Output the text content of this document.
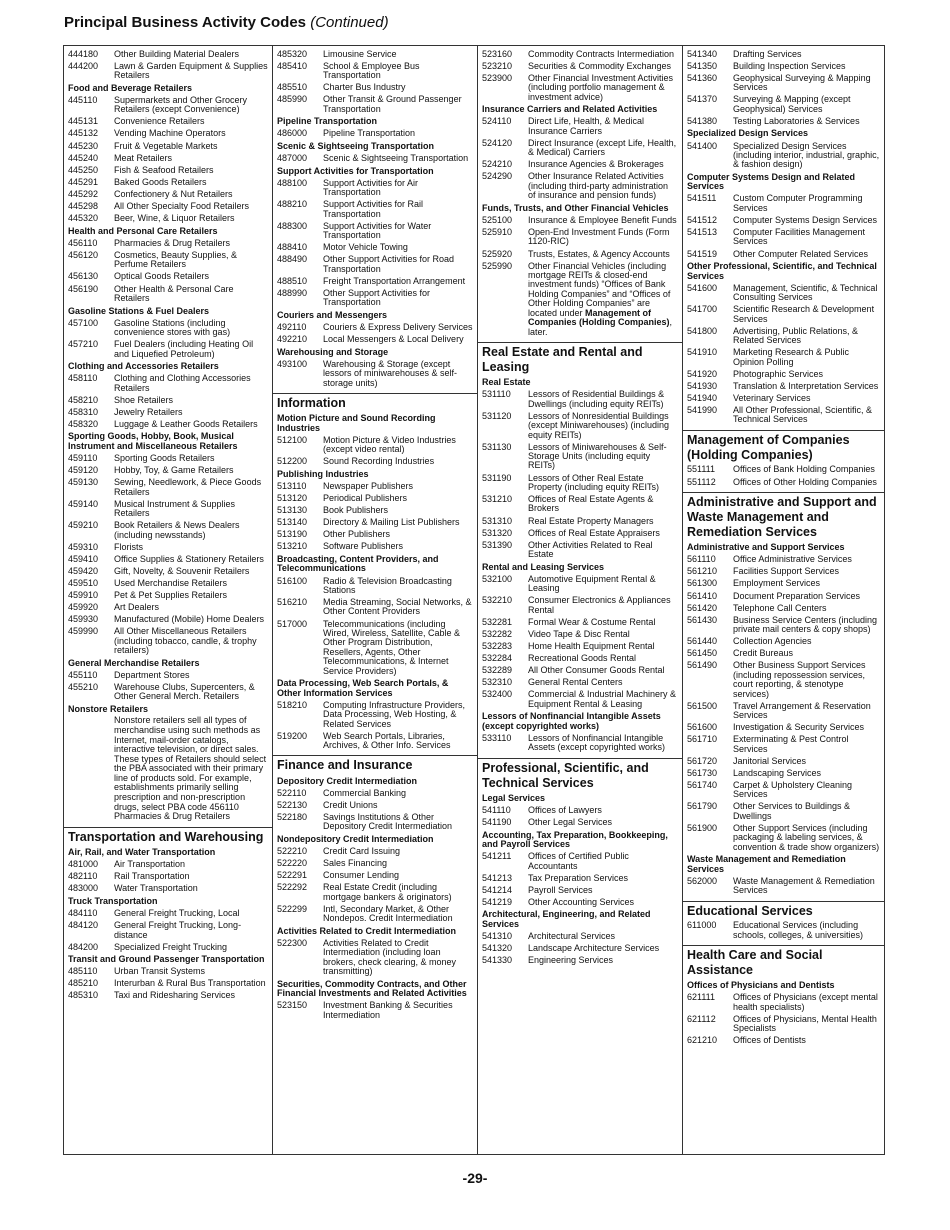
Principal Business Activity Codes (Continued)
444180	Other Building Material Dealers
444200	Lawn & Garden Equipment & Supplies Retailers
Food and Beverage Retailers
445110	Supermarkets and Other Grocery Retailers (except Convenience)
445131	Convenience Retailers
445132	Vending Machine Operators
445230	Fruit & Vegetable Markets
445240	Meat Retailers
445250	Fish & Seafood Retailers
445291	Baked Goods Retailers
445292	Confectionery & Nut Retailers
445298	All Other Specialty Food Retailers
445320	Beer, Wine, & Liquor Retailers
Health and Personal Care Retailers
456110	Pharmacies & Drug Retailers
456120	Cosmetics, Beauty Supplies, & Perfume Retailers
456130	Optical Goods Retailers
456190	Other Health & Personal Care Retailers
Gasoline Stations & Fuel Dealers
457100	Gasoline Stations (including convenience stores with gas)
457210	Fuel Dealers (including Heating Oil and Liquefied Petroleum)
Clothing and Accessories Retailers
458110	Clothing and Clothing Accessories Retailers
458210	Shoe Retailers
458310	Jewelry Retailers
458320	Luggage & Leather Goods Retailers
Sporting Goods, Hobby, Book, Musical Instrument and Miscellaneous Retailers
459110	Sporting Goods Retailers
459120	Hobby, Toy, & Game Retailers
459130	Sewing, Needlework, & Piece Goods Retailers
459140	Musical Instrument & Supplies Retailers
459210	Book Retailers & News Dealers (including newsstands)
459310	Florists
459410	Office Supplies & Stationery Retailers
459420	Gift, Novelty, & Souvenir Retailers
459510	Used Merchandise Retailers
459910	Pet & Pet Supplies Retailers
459920	Art Dealers
459930	Manufactured (Mobile) Home Dealers
459990	All Other Miscellaneous Retailers (including tobacco, candle, & trophy retailers)
General Merchandise Retailers
455110	Department Stores
455210	Warehouse Clubs, Supercenters, & Other General Merch. Retailers
Nonstore Retailers
Nonstore retailers sell all types of merchandise using such methods as Internet, mail-order catalogs, interactive television, or direct sales. These types of Retailers should select the PBA associated with their primary line of products sold. For example, establishments primarily selling prescription and non-prescription drugs, select PBA code 456110 Pharmacies & Drug Retailers
Transportation and Warehousing
Air, Rail, and Water Transportation
481000	Air Transportation
482110	Rail Transportation
483000	Water Transportation
Truck Transportation
484110	General Freight Trucking, Local
484120	General Freight Trucking, Long-distance
484200	Specialized Freight Trucking
Transit and Ground Passenger Transportation
485110	Urban Transit Systems
485210	Interurban & Rural Bus Transportation
485310	Taxi and Ridesharing Services
485320	Limousine Service
485410	School & Employee Bus Transportation
485510	Charter Bus Industry
485990	Other Transit & Ground Passenger Transportation
Pipeline Transportation
486000	Pipeline Transportation
Scenic & Sightseeing Transportation
487000	Scenic & Sightseeing Transportation
Support Activities for Transportation
488100	Support Activities for Air Transportation
488210	Support Activities for Rail Transportation
488300	Support Activities for Water Transportation
488410	Motor Vehicle Towing
488490	Other Support Activities for Road Transportation
488510	Freight Transportation Arrangement
488990	Other Support Activities for Transportation
Couriers and Messengers
492110	Couriers & Express Delivery Services
492210	Local Messengers & Local Delivery
Warehousing and Storage
493100	Warehousing & Storage (except lessors of miniwarehouses & self-storage units)
Information
Motion Picture and Sound Recording Industries
512100	Motion Picture & Video Industries (except video rental)
512200	Sound Recording Industries
Publishing Industries
513110	Newspaper Publishers
513120	Periodical Publishers
513130	Book Publishers
513140	Directory & Mailing List Publishers
513190	Other Publishers
513210	Software Publishers
Broadcasting, Content Providers, and Telecommunications
516100	Radio & Television Broadcasting Stations
516210	Media Streaming, Social Networks, & Other Content Providers
517000	Telecommunications (including Wired, Wireless, Satellite, Cable & Other Program Distribution, Resellers, Agents, Other Telecommunications, & Internet Service Providers)
Data Processing, Web Search Portals, & Other Information Services
518210	Computing Infrastructure Providers, Data Processing, Web Hosting, & Related Services
519200	Web Search Portals, Libraries, Archives, & Other Info. Services
Finance and Insurance
Depository Credit Intermediation
522110	Commercial Banking
522130	Credit Unions
522180	Savings Institutions & Other Depository Credit Intermediation
Nondepository Credit Intermediation
522210	Credit Card Issuing
522220	Sales Financing
522291	Consumer Lending
522292	Real Estate Credit (including mortgage bankers & originators)
522299	Intl, Secondary Market, & Other Nondepos. Credit Intermediation
Activities Related to Credit Intermediation
522300	Activities Related to Credit Intermediation (including loan brokers, check clearing, & money transmitting)
Securities, Commodity Contracts, and Other Financial Investments and Related Activities
523150	Investment Banking & Securities Intermediation
523160	Commodity Contracts Intermediation
523210	Securities & Commodity Exchanges
523900	Other Financial Investment Activities (including portfolio management & investment advice)
Insurance Carriers and Related Activities
524110	Direct Life, Health, & Medical Insurance Carriers
524120	Direct Insurance (except Life, Health, & Medical) Carriers
524210	Insurance Agencies & Brokerages
524290	Other Insurance Related Activities (including third-party administration of insurance and pension funds)
Funds, Trusts, and Other Financial Vehicles
525100	Insurance & Employee Benefit Funds
525910	Open-End Investment Funds (Form 1120-RIC)
525920	Trusts, Estates, & Agency Accounts
525990	Other Financial Vehicles (including mortgage REITs & closed-end investment funds) “Offices of Bank Holding Companies” and “Offices of Other Holding Companies” are located under Management of Companies (Holding Companies), later.
Real Estate and Rental and Leasing
Real Estate
531110	Lessors of Residential Buildings & Dwellings (including equity REITs)
531120	Lessors of Nonresidential Buildings (except Miniwarehouses) (including equity REITs)
531130	Lessors of Miniwarehouses & Self-Storage Units (including equity REITs)
531190	Lessors of Other Real Estate Property (including equity REITs)
531210	Offices of Real Estate Agents & Brokers
531310	Real Estate Property Managers
531320	Offices of Real Estate Appraisers
531390	Other Activities Related to Real Estate
Rental and Leasing Services
532100	Automotive Equipment Rental & Leasing
532210	Consumer Electronics & Appliances Rental
532281	Formal Wear & Costume Rental
532282	Video Tape & Disc Rental
532283	Home Health Equipment Rental
532284	Recreational Goods Rental
532289	All Other Consumer Goods Rental
532310	General Rental Centers
532400	Commercial & Industrial Machinery & Equipment Rental & Leasing
Lessors of Nonfinancial Intangible Assets (except copyrighted works)
533110	Lessors of Nonfinancial Intangible Assets (except copyrighted works)
Professional, Scientific, and Technical Services
Legal Services
541110	Offices of Lawyers
541190	Other Legal Services
Accounting, Tax Preparation, Bookkeeping, and Payroll Services
541211	Offices of Certified Public Accountants
541213	Tax Preparation Services
541214	Payroll Services
541219	Other Accounting Services
Architectural, Engineering, and Related Services
541310	Architectural Services
541320	Landscape Architecture Services
541330	Engineering Services
541340	Drafting Services
541350	Building Inspection Services
541360	Geophysical Surveying & Mapping Services
541370	Surveying & Mapping (except Geophysical) Services
541380	Testing Laboratories & Services
Specialized Design Services
541400	Specialized Design Services (including interior, industrial, graphic, & fashion design)
Computer Systems Design and Related Services
541511	Custom Computer Programming Services
541512	Computer Systems Design Services
541513	Computer Facilities Management Services
541519	Other Computer Related Services
Other Professional, Scientific, and Technical Services
541600	Management, Scientific, & Technical Consulting Services
541700	Scientific Research & Development Services
541800	Advertising, Public Relations, & Related Services
541910	Marketing Research & Public Opinion Polling
541920	Photographic Services
541930	Translation & Interpretation Services
541940	Veterinary Services
541990	All Other Professional, Scientific, & Technical Services
Management of Companies (Holding Companies)
551111	Offices of Bank Holding Companies
551112	Offices of Other Holding Companies
Administrative and Support and Waste Management and Remediation Services
Administrative and Support Services
561110	Office Administrative Services
561210	Facilities Support Services
561300	Employment Services
561410	Document Preparation Services
561420	Telephone Call Centers
561430	Business Service Centers (including private mail centers & copy shops)
561440	Collection Agencies
561450	Credit Bureaus
561490	Other Business Support Services (including repossession services, court reporting, & stenotype services)
561500	Travel Arrangement & Reservation Services
561600	Investigation & Security Services
561710	Exterminating & Pest Control Services
561720	Janitorial Services
561730	Landscaping Services
561740	Carpet & Upholstery Cleaning Services
561790	Other Services to Buildings & Dwellings
561900	Other Support Services (including packaging & labeling services, & convention & trade show organizers)
Waste Management and Remediation Services
562000	Waste Management & Remediation Services
Educational Services
611000	Educational Services (including schools, colleges, & universities)
Health Care and Social Assistance
Offices of Physicians and Dentists
621111	Offices of Physicians (except mental health specialists)
621112	Offices of Physicians, Mental Health Specialists
621210	Offices of Dentists
-29-
